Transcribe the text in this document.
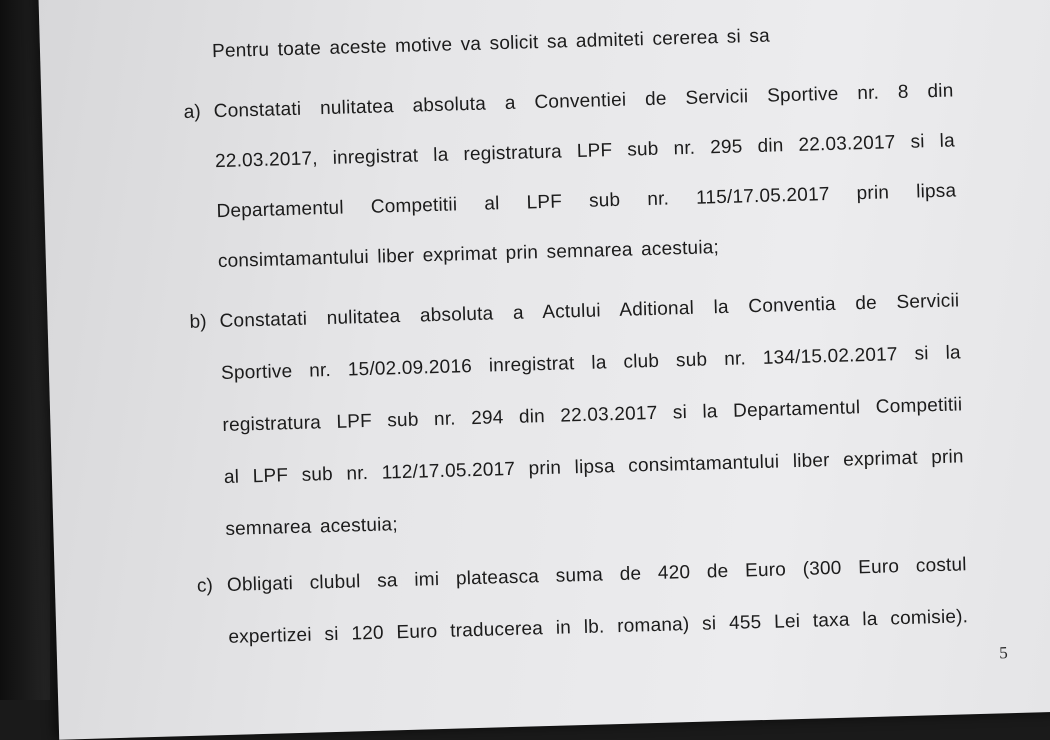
Pentru toate aceste motive va solicit sa admiteti cererea si sa
a) Constatati nulitatea absoluta a Conventiei de Servicii Sportive nr. 8 din
22.03.2017, inregistrat la registratura LPF sub nr. 295 din 22.03.2017 si la
Departamentul Competitii al LPF sub nr. 115/17.05.2017 prin lipsa
consimtamantului liber exprimat prin semnarea acestuia;
b) Constatati nulitatea absoluta a Actului Aditional la Conventia de Servicii
Sportive nr. 15/02.09.2016 inregistrat la club sub nr. 134/15.02.2017 si la
registratura LPF sub nr. 294 din 22.03.2017 si la Departamentul Competitii
al LPF sub nr. 112/17.05.2017 prin lipsa consimtamantului liber exprimat prin
semnarea acestuia;
c) Obligati clubul sa imi plateasca suma de 420 de Euro (300 Euro costul
expertizei si 120 Euro traducerea in lb. romana) si 455 Lei taxa la comisie).
5
